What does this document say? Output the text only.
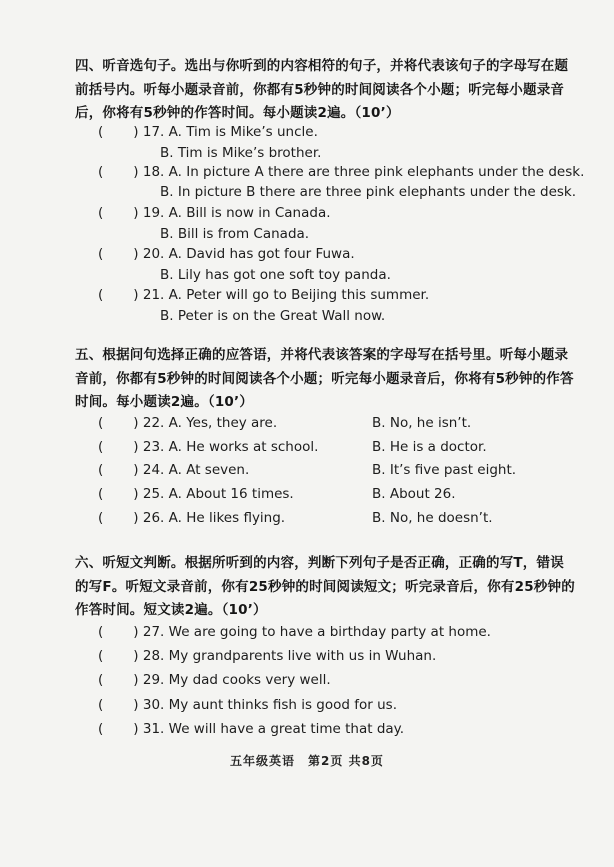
四、听音选句子。选出与你听到的内容相符的句子，并将代表该句子的字母写在题前括号内。听每小题录音前，你都有5秒钟的时间阅读各个小题；听完每小题录音后，你将有5秒钟的作答时间。每小题读2遍。（10’）
( ) 17. A. Tim is Mike’s uncle.
B. Tim is Mike’s brother.
( ) 18. A. In picture A there are three pink elephants under the desk.
B. In picture B there are three pink elephants under the desk.
( ) 19. A. Bill is now in Canada.
B. Bill is from Canada.
( ) 20. A. David has got four Fuwa.
B. Lily has got one soft toy panda.
( ) 21. A. Peter will go to Beijing this summer.
B. Peter is on the Great Wall now.
五、根据问句选择正确的应答语，并将代表该答案的字母写在括号里。听每小题录音前，你都有5秒钟的时间阅读各个小题；听完每小题录音后，你将有5秒钟的作答时间。每小题读2遍。（10’）
( ) 22. A. Yes, they are.	B. No, he isn’t.
( ) 23. A. He works at school.	B. He is a doctor.
( ) 24. A. At seven.	B. It’s five past eight.
( ) 25. A. About 16 times.	B. About 26.
( ) 26. A. He likes flying.	B. No, he doesn’t.
六、听短文判断。根据所听到的内容，判断下列句子是否正确，正确的写T，错误的写F。听短文录音前，你有25秒钟的时间阅读短文；听完录音后，你有25秒钟的作答时间。短文读2遍。（10’）
( ) 27. We are going to have a birthday party at home.
( ) 28. My grandparents live with us in Wuhan.
( ) 29. My dad cooks very well.
( ) 30. My aunt thinks fish is good for us.
( ) 31. We will have a great time that day.
五年级英语　第2页 共8页
